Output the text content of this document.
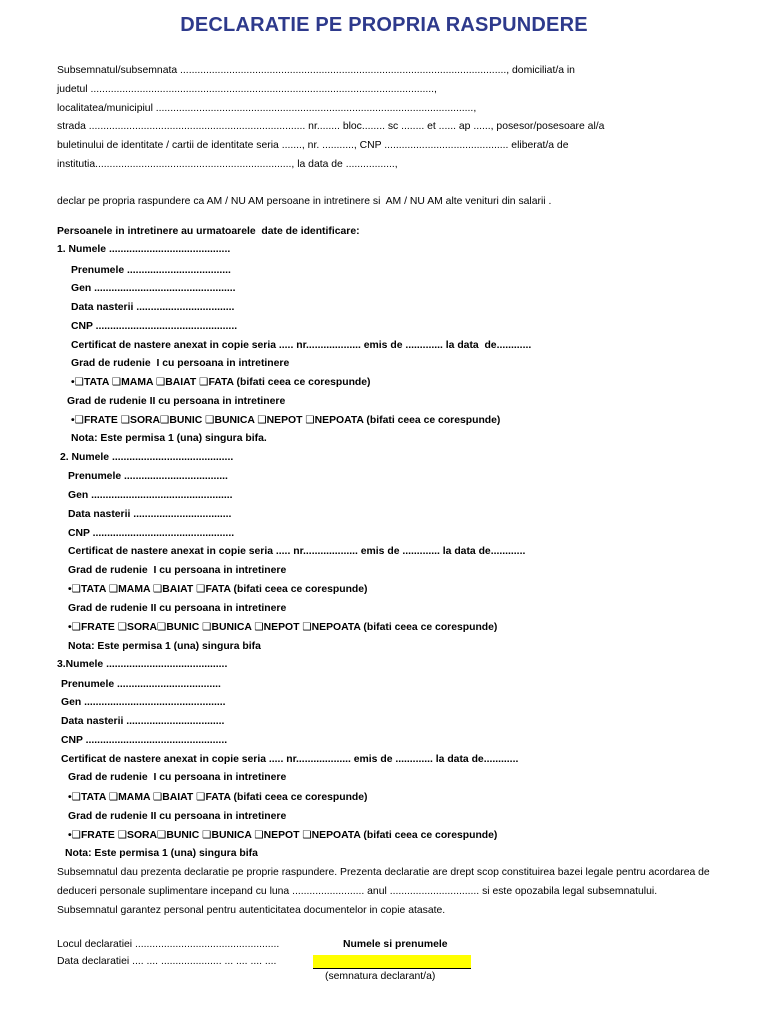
DECLARATIE PE PROPRIA RASPUNDERE
Subsemnatul/subsemnata ................................................................................................................., domiciliat/a in
judetul .......................................................................................................................,
localitatea/municipiul ..............................................................................................................,
strada ........................................................................... nr........ bloc........ sc ........ et ...... ap ......, posesor/posesoare al/a
buletinului de identitate / cartii de identitate seria ......., nr. ..........., CNP ........................................... eliberat/a de
institutia...................................................................., la data de .................,
declar pe propria raspundere ca AM / NU AM persoane in intretinere si  AM / NU AM alte venituri din salarii .
Persoanele in intretinere au urmatoarele  date de identificare:
1. Numele ..........................................
Prenumele ....................................
Gen .................................................
Data nasterii ..................................
CNP .................................................
Certificat de nastere anexat in copie seria ..... nr................... emis de ............. la data  de............
Grad de rudenie  I cu persoana in intretinere
•❑TATA ❑MAMA ❑BAIAT ❑FATA (bifati ceea ce corespunde)
Grad de rudenie II cu persoana in intretinere
•❑FRATE ❑SORA❑BUNIC ❑BUNICA ❑NEPOT ❑NEPOATA (bifati ceea ce corespunde)
Nota: Este permisa 1 (una) singura bifa.
2. Numele ..........................................
Prenumele ....................................
Gen .................................................
Data nasterii ..................................
CNP .................................................
Certificat de nastere anexat in copie seria ..... nr................... emis de ............. la data de............
Grad de rudenie  I cu persoana in intretinere
•❑TATA ❑MAMA ❑BAIAT ❑FATA (bifati ceea ce corespunde)
Grad de rudenie II cu persoana in intretinere
•❑FRATE ❑SORA❑BUNIC ❑BUNICA ❑NEPOT ❑NEPOATA (bifati ceea ce corespunde)
Nota: Este permisa 1 (una) singura bifa
3.Numele ..........................................
Prenumele ....................................
Gen .................................................
Data nasterii ..................................
CNP .................................................
Certificat de nastere anexat in copie seria ..... nr................... emis de ............. la data de............
Grad de rudenie  I cu persoana in intretinere
•❑TATA ❑MAMA ❑BAIAT ❑FATA (bifati ceea ce corespunde)
Grad de rudenie II cu persoana in intretinere
•❑FRATE ❑SORA❑BUNIC ❑BUNICA ❑NEPOT ❑NEPOATA (bifati ceea ce corespunde)
Nota: Este permisa 1 (una) singura bifa
Subsemnatul dau prezenta declaratie pe proprie raspundere. Prezenta declaratie are drept scop constituirea bazei legale pentru acordarea de deduceri personale suplimentare incepand cu luna ......................... anul ............................... si este opozabila legal subsemnatului. Subsemnatul garantez personal pentru autenticitatea documentelor in copie atasate.
Locul declaratiei ..................................................
Data declaratiei .... .... ..................... ... .... .... ....
Numele si prenumele
(semnatura declarant/a)
